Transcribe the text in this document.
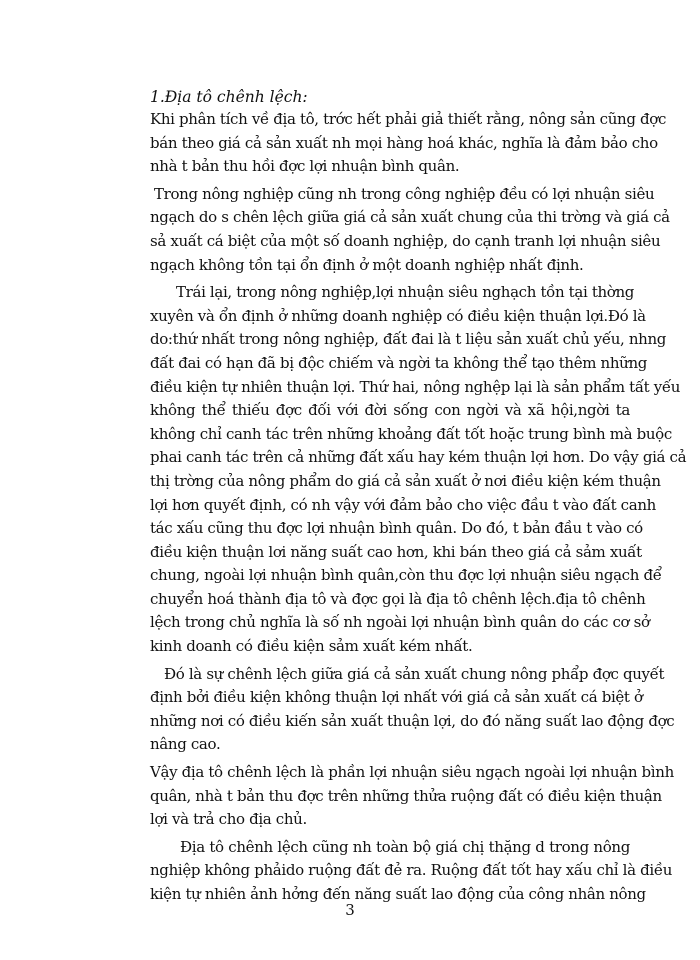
1.Địa tô chênh lệch:

Khi phân tích về địa tô, trớc hết phải giả thiết rằng, nông sản cũng đợc
bán theo giá cả sản xuất nh mọi hàng hoá khác, nghĩa là đảm bảo cho
nhà t bản thu hồi đợc lợi nhuận bình quân.
Trong nông nghiệp cũng nh trong công nghiệp đều có lợi nhuận siêu
ngạch do s chên lệch giữa giá cả sản xuất chung của thi trờng và giá cả
sả xuất cá biệt của một số doanh nghiệp, do cạnh tranh lợi nhuận siêu
ngạch không tồn tại ổn định ở một doanh nghiệp nhất định.
Trái lại, trong nông nghiệp,lợi nhuận siêu nghạch tồn tại thờng
xuyên và ổn định ở những doanh nghiệp có điều kiện thuận lợi.Đó là
do:thứ nhất trong nông nghiệp, đất đai là t liệu sản xuất chủ yếu, nhng
đất đai có hạn đã bị độc chiếm và ngời ta không thể tạo thêm những
điều kiện tự nhiên thuận lợi. Thứ hai, nông nghệp lại là sản phẩm tất yếu
không thể thiếu đợc đối với đời sống con ngời và xã hội,ngời ta
không chỉ canh tác trên những khoảng đất tốt hoặc trung bình mà buộc
phai canh tác trên cả những đất xấu hay kém thuận lợi hơn. Do vậy giá cả
thị trờng của nông phẩm do giá cả sản xuất ở nơi điều kiện kém thuận
lợi hơn quyết định, có nh vậy với đảm bảo cho việc đầu t vào đất canh
tác xấu cũng thu đợc lợi nhuận bình quân. Do đó, t bản đầu t vào có
điều kiện thuận lơi năng suất cao hơn, khi bán theo giá cả sảm xuất
chung, ngoài lợi nhuận bình quân,còn thu đợc lợi nhuận siêu ngạch để
chuyển hoá thành địa tô và đợc gọi là địa tô chênh lệch.địa tô chênh
lệch trong chủ nghĩa là số nh ngoài lợi nhuận bình quân do các cơ sở
kinh doanh có điều kiện sảm xuất kém nhất.
Đó là sự chênh lệch giữa giá cả sản xuất chung nông phẩp đợc quyết
định bởi điều kiện không thuận lợi nhất với giá cả sản xuất cá biệt ở
những nơi có điều kiến sản xuất thuận lợi, do đó năng suất lao động đợc
nâng cao.
Vậy địa tô chênh lệch là phần lợi nhuận siêu ngạch ngoài lợi nhuận bình
quân, nhà t bản thu đợc trên những thửa ruộng đất có điều kiện thuận
lợi và trả cho địa chủ.
Địa tô chênh lệch cũng nh toàn bộ giá chị thặng d trong nông
nghiệp không phảido ruộng đất đẻ ra. Ruộng đất tốt hay xấu chỉ là điều
kiện tự nhiên ảnh hởng đến năng suất lao động của công nhân nông
3
